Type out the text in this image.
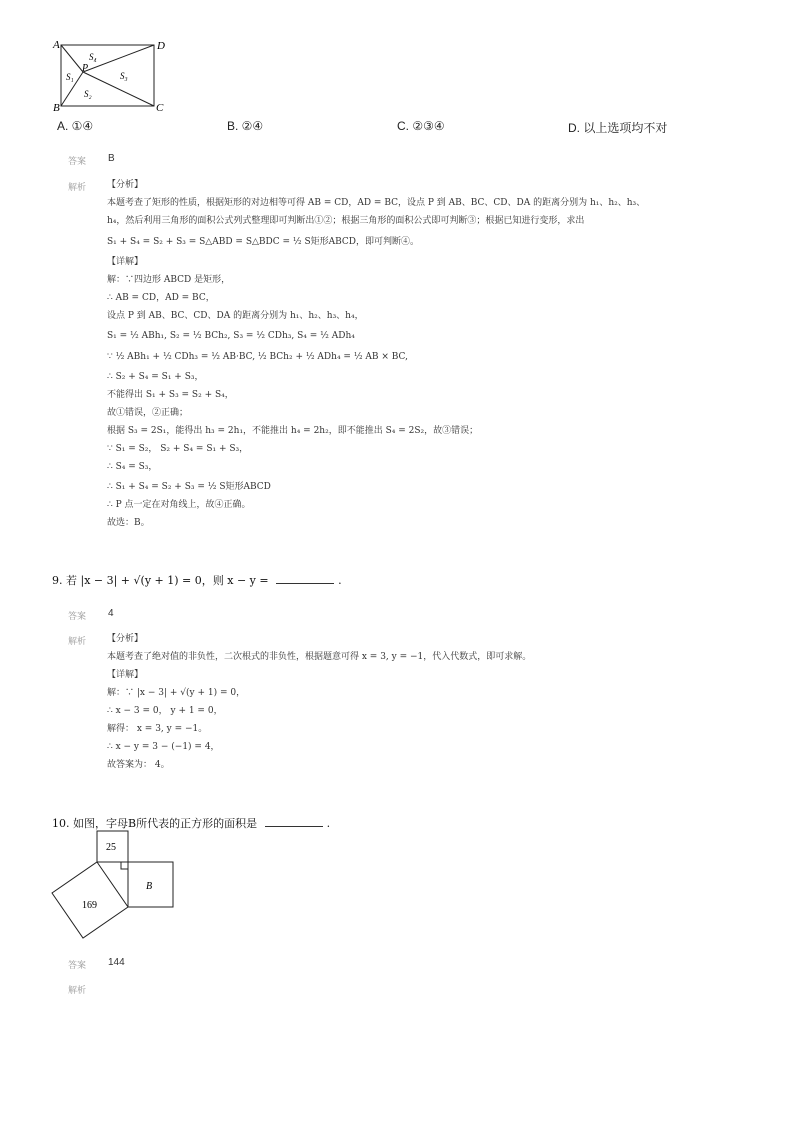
A	D
B	C
P
S₄
S₁
S₂
S₃
A. ①④	B. ②④	C. ②③④	D. 以上选项均不对
答案 B
解析 【分析】
本题考查了矩形的性质，根据矩形的对边相等可得 AB = CD，AD = BC，设点 P 到 AB、BC、CD、DA 的距离分别为 h₁、h₂、h₃、
h₄，然后利用三角形的面积公式列式整理即可判断出①②；根据三角形的面积公式即可判断③；根据已知进行变形，求出
S₁ + S₄ = S₂ + S₃ = S△ABD = S△BDC = ½ S矩形ABCD，即可判断④。
【详解】
解：∵四边形 ABCD 是矩形，
∴ AB = CD，AD = BC，
设点 P 到 AB、BC、CD、DA 的距离分别为 h₁、h₂、h₃、h₄，
S₁ = ½ ABh₁, S₂ = ½ BCh₂, S₃ = ½ CDh₃, S₄ = ½ ADh₄
∵ ½ ABh₁ + ½ CDh₃ = ½ AB·BC, ½ BCh₂ + ½ ADh₄ = ½ AB × BC,
∴ S₂ + S₄ = S₁ + S₃，
不能得出 S₁ + S₃ = S₂ + S₄，
故①错误，②正确；
根据 S₃ = 2S₁，能得出 h₃ = 2h₁，不能推出 h₄ = 2h₂，即不能推出 S₄ = 2S₂，故③错误；
∵ S₁ = S₂， S₂ + S₄ = S₁ + S₃，
∴ S₄ = S₃，
∴ S₁ + S₄ = S₂ + S₃ = ½ S矩形ABCD
∴ P 点一定在对角线上，故④正确。
故选：B。
9. 若 |x − 3| + √(y + 1) = 0，则 x − y =	.
答案 4
解析 【分析】
本题考查了绝对值的非负性，二次根式的非负性，根据题意可得 x = 3, y = −1，代入代数式，即可求解。
【详解】
解：∵ |x − 3| + √(y + 1) = 0，
∴ x − 3 = 0， y + 1 = 0，
解得： x = 3, y = −1。
∴ x − y = 3 − (−1) = 4，
故答案为： 4。
10. 如图，字母B所代表的正方形的面积是	.
25
169
B
答案 144
解析
